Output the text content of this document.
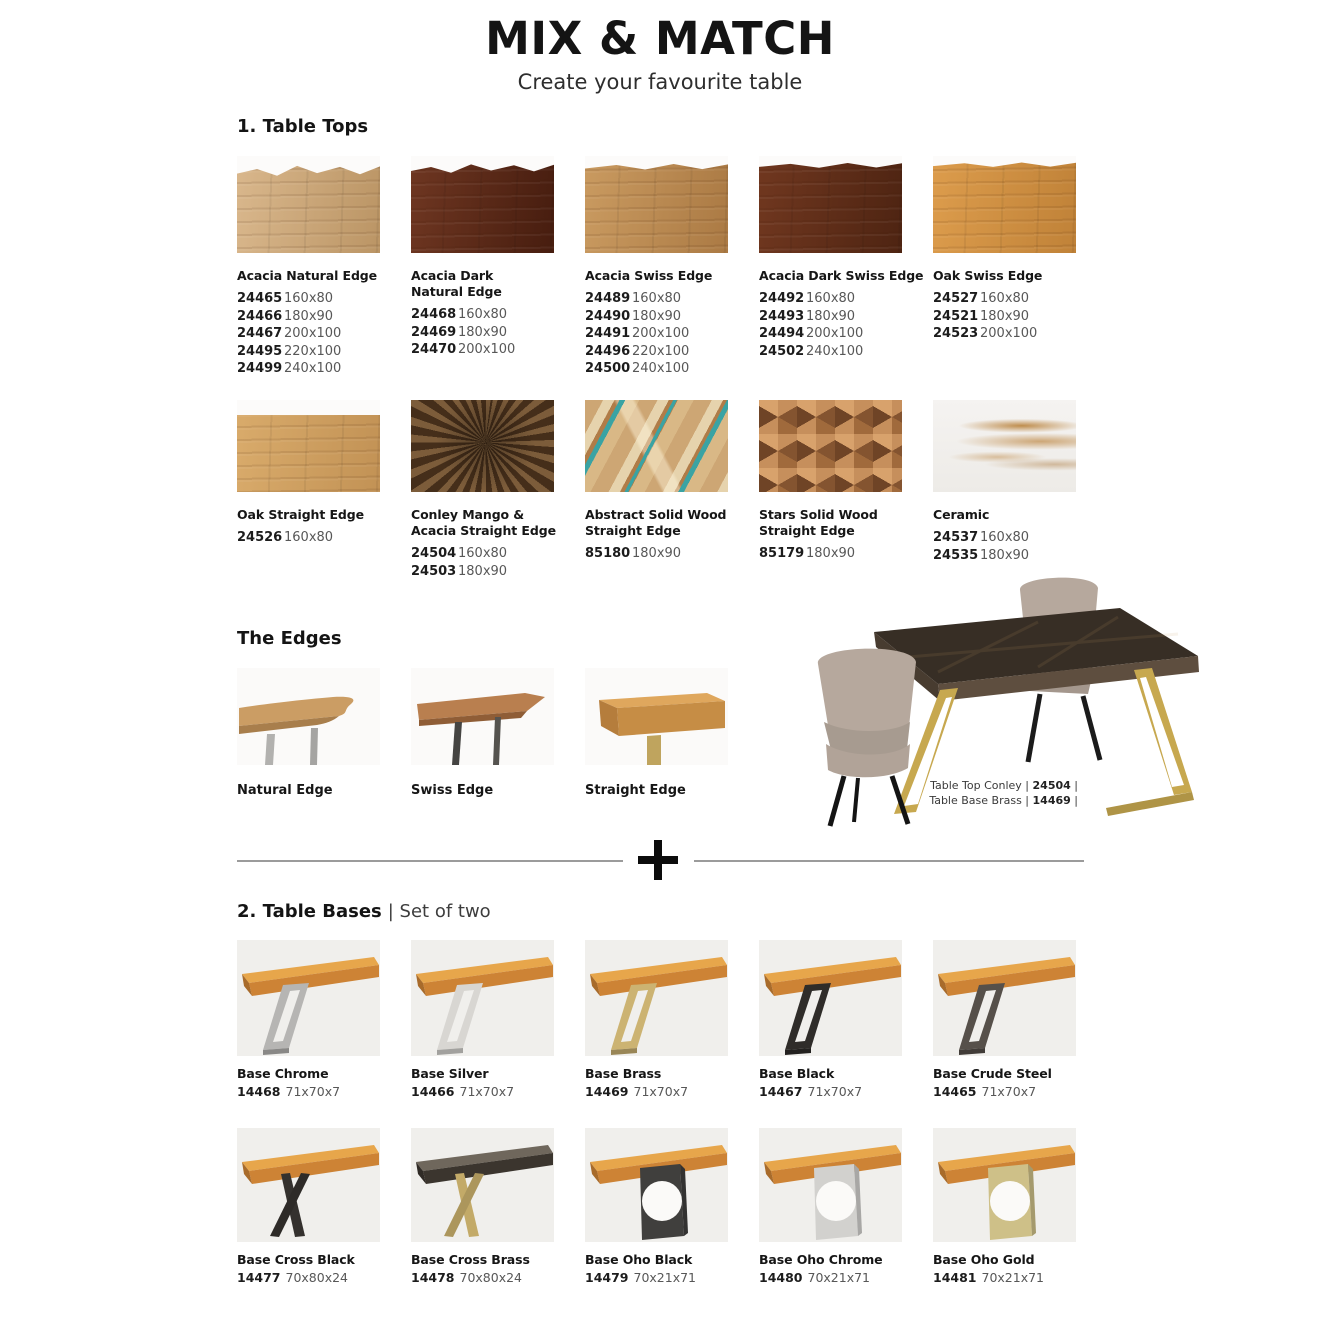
MIX & MATCH
Create your favourite table
1. Table Tops
Acacia Natural Edge
24465 160x80
24466 180x90
24467 200x100
24495 220x100
24499 240x100
Acacia Dark
Natural Edge
24468 160x80
24469 180x90
24470 200x100
Acacia Swiss Edge
24489 160x80
24490 180x90
24491 200x100
24496 220x100
24500 240x100
Acacia Dark Swiss Edge
24492 160x80
24493 180x90
24494 200x100
24502 240x100
Oak Swiss Edge
24527 160x80
24521 180x90
24523 200x100
Oak Straight Edge
24526 160x80
Conley Mango &
Acacia Straight Edge
24504 160x80
24503 180x90
Abstract Solid Wood
Straight Edge
85180 180x90
Stars Solid Wood
Straight Edge
85179 180x90
Ceramic
24537 160x80
24535 180x90
The Edges
Natural Edge	Swiss Edge	Straight Edge	Table Top Conley | 24504 |
Table Base Brass | 14469 |
2. Table Bases | Set of two
Base Chrome
14468 71x70x7
Base Silver
14466 71x70x7
Base Brass
14469 71x70x7
Base Black
14467 71x70x7
Base Crude Steel
14465 71x70x7
Base Cross Black
14477 70x80x24
Base Cross Brass
14478 70x80x24
Base Oho Black
14479 70x21x71
Base Oho Chrome
14480 70x21x71
Base Oho Gold
14481 70x21x71
